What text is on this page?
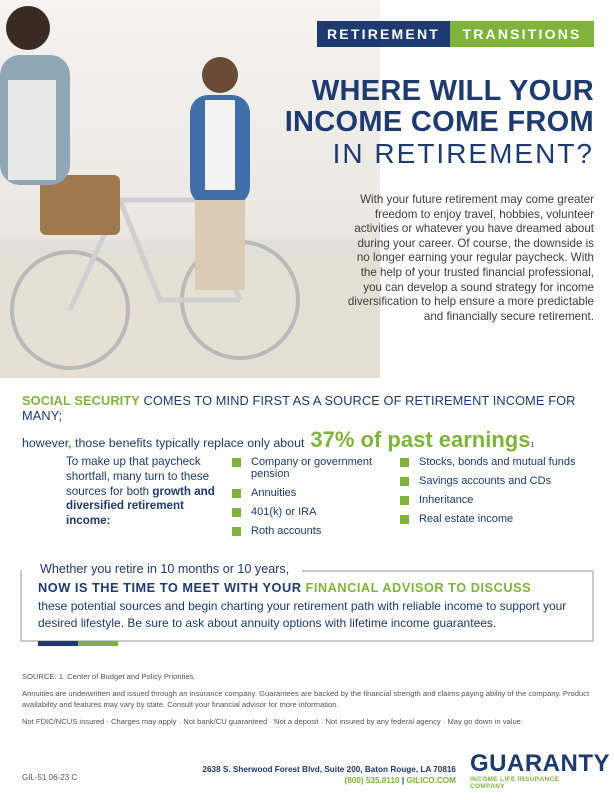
RETIREMENT	TRANSITIONS
WHERE WILL YOUR
INCOME COME FROM
IN RETIREMENT?

With your future retirement may come greater freedom to enjoy travel, hobbies, volunteer activities or whatever you have dreamed about during your career. Of course, the downside is no longer earning your regular paycheck. With the help of your trusted financial professional, you can develop a sound strategy for income diversification to help ensure a more predictable and financially secure retirement.

SOCIAL SECURITY COMES TO MIND FIRST AS A SOURCE OF RETIREMENT INCOME FOR MANY;
however, those benefits typically replace only about 37% of past earnings 1
To make up that paycheck shortfall, many turn to these sources for both growth and diversified retirement income:
Company or government pension
Annuities
401(k) or IRA
Roth accounts
Stocks, bonds and mutual funds
Savings accounts and CDs
Inheritance
Real estate income
Whether you retire in 10 months or 10 years,
NOW IS THE TIME TO MEET WITH YOUR FINANCIAL ADVISOR TO DISCUSS
these potential sources and begin charting your retirement path with reliable income to support your desired lifestyle. Be sure to ask about annuity options with lifetime income guarantees.

SOURCE: 1. Center of Budget and Policy Priorities.

Annuities are underwritten and issued through an insurance company. Guarantees are backed by the financial strength and claims paying ability of the company. Product availability and features may vary by state. Consult your financial advisor for more information.

Not FDIC/NCUS insured · Charges may apply · Not bank/CU guaranteed · Not a deposit · Not insured by any federal agency · May go down in value.

GIL-51 06-23 C
2638 S. Sherwood Forest Blvd, Suite 200, Baton Rouge, LA 70816
(800) 535.8110 | GILICO.COM
GUARANTY
INCOME LIFE INSURANCE COMPANY
